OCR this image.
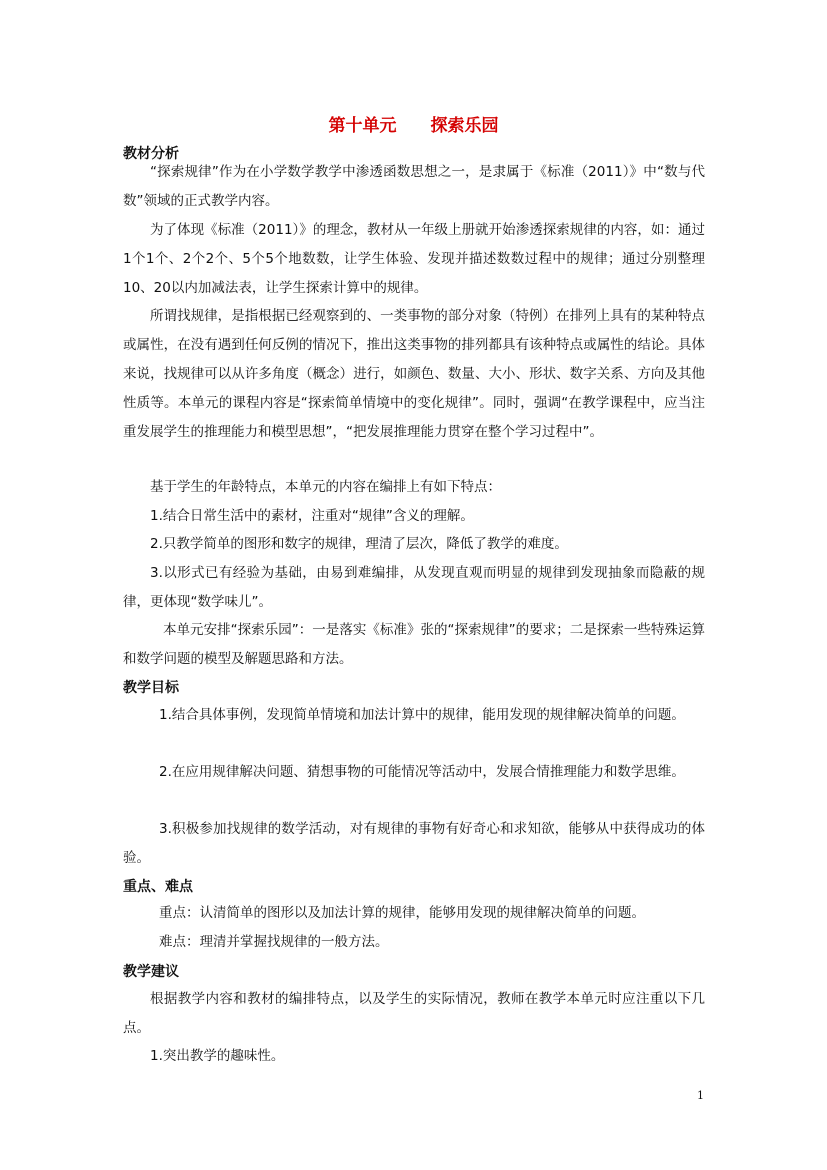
第十单元　　探索乐园
教材分析
“探索规律”作为在小学数学教学中渗透函数思想之一，是隶属于《标准（2011）》中“数与代数”领域的正式教学内容。
为了体现《标准（2011）》的理念，教材从一年级上册就开始渗透探索规律的内容，如：通过1个1个、2个2个、5个5个地数数，让学生体验、发现并描述数数过程中的规律；通过分别整理10、20以内加减法表，让学生探索计算中的规律。
所谓找规律，是指根据已经观察到的、一类事物的部分对象（特例）在排列上具有的某种特点或属性，在没有遇到任何反例的情况下，推出这类事物的排列都具有该种特点或属性的结论。具体来说，找规律可以从许多角度（概念）进行，如颜色、数量、大小、形状、数字关系、方向及其他性质等。本单元的课程内容是“探索简单情境中的变化规律”。同时，强调“在教学课程中，应当注重发展学生的推理能力和模型思想”，“把发展推理能力贯穿在整个学习过程中”。
基于学生的年龄特点，本单元的内容在编排上有如下特点：
1.结合日常生活中的素材，注重对“规律”含义的理解。
2.只教学简单的图形和数字的规律，理清了层次，降低了教学的难度。
3.以形式已有经验为基础，由易到难编排，从发现直观而明显的规律到发现抽象而隐蔽的规律，更体现“数学味儿”。
本单元安排“探索乐园”：一是落实《标准》张的“探索规律”的要求；二是探索一些特殊运算和数学问题的模型及解题思路和方法。
教学目标
1.结合具体事例，发现简单情境和加法计算中的规律，能用发现的规律解决简单的问题。
2.在应用规律解决问题、猜想事物的可能情况等活动中，发展合情推理能力和数学思维。
3.积极参加找规律的数学活动，对有规律的事物有好奇心和求知欲，能够从中获得成功的体验。
重点、难点
重点：认清简单的图形以及加法计算的规律，能够用发现的规律解决简单的问题。
难点：理清并掌握找规律的一般方法。
教学建议
根据教学内容和教材的编排特点，以及学生的实际情况，教师在教学本单元时应注重以下几点。
1.突出教学的趣味性。
1
